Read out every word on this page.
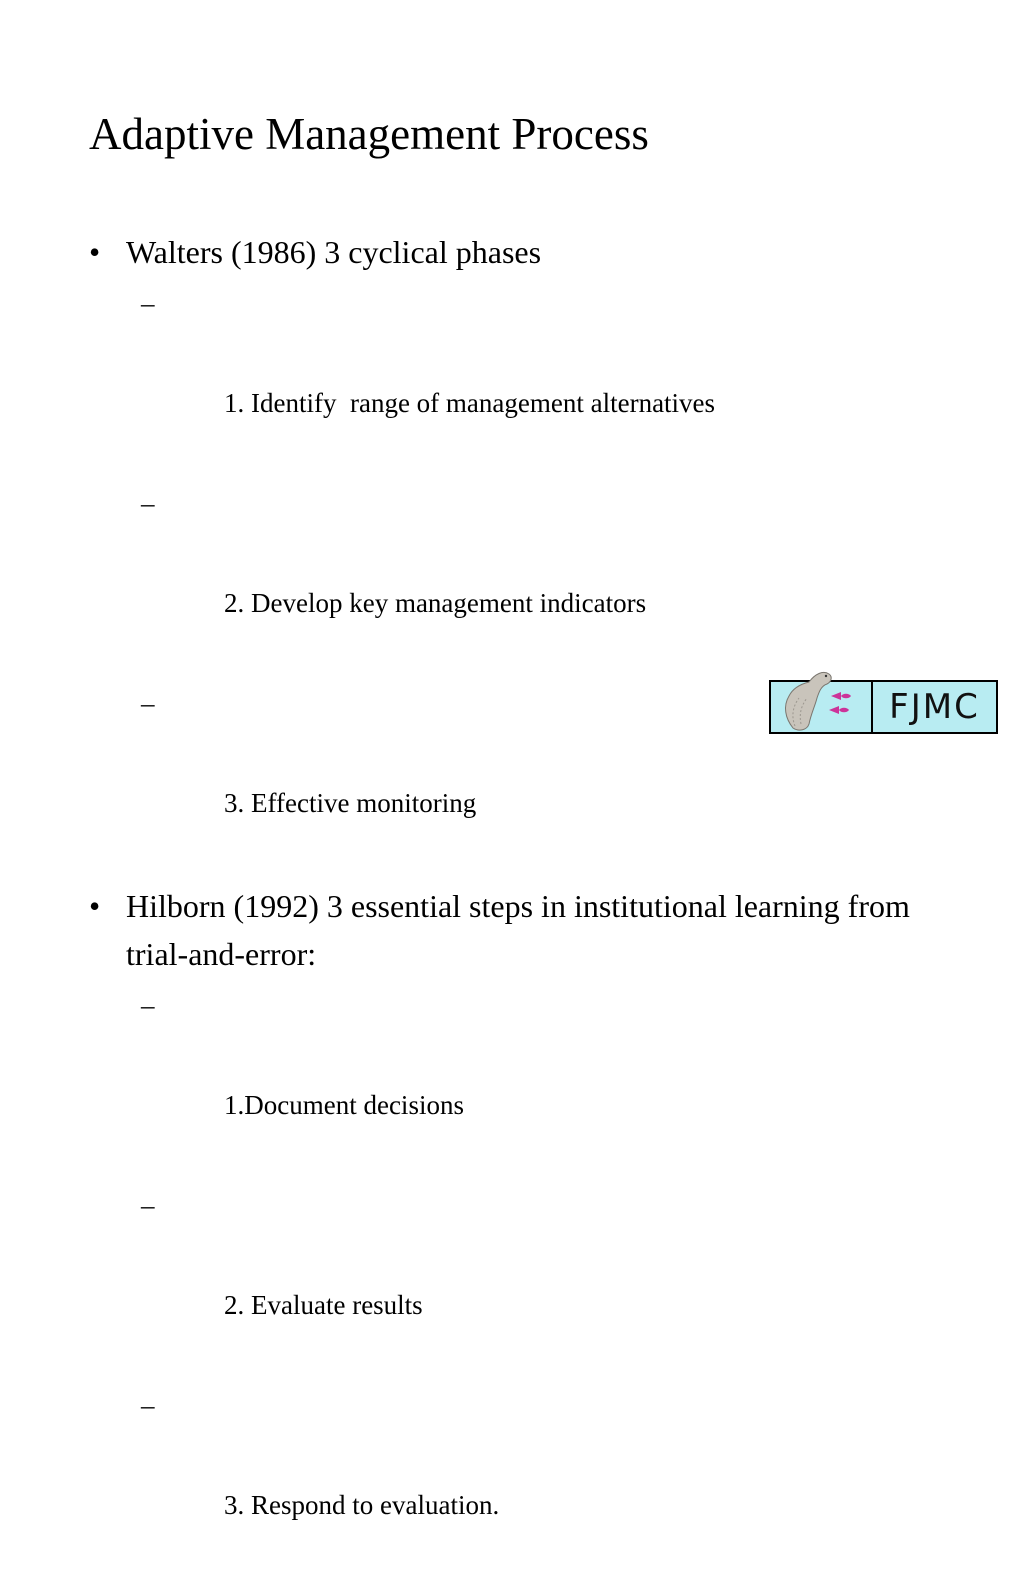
Adaptive Management Process
• Walters (1986) 3 cyclical phases

–

1. Identify  range of management alternatives

–

2. Develop key management indicators

–

3. Effective monitoring

• Hilborn (1992) 3 essential steps in institutional learning from trial-and-error:

–

1.Document decisions

–

2. Evaluate results

–

3. Respond to evaluation.

FJMC
